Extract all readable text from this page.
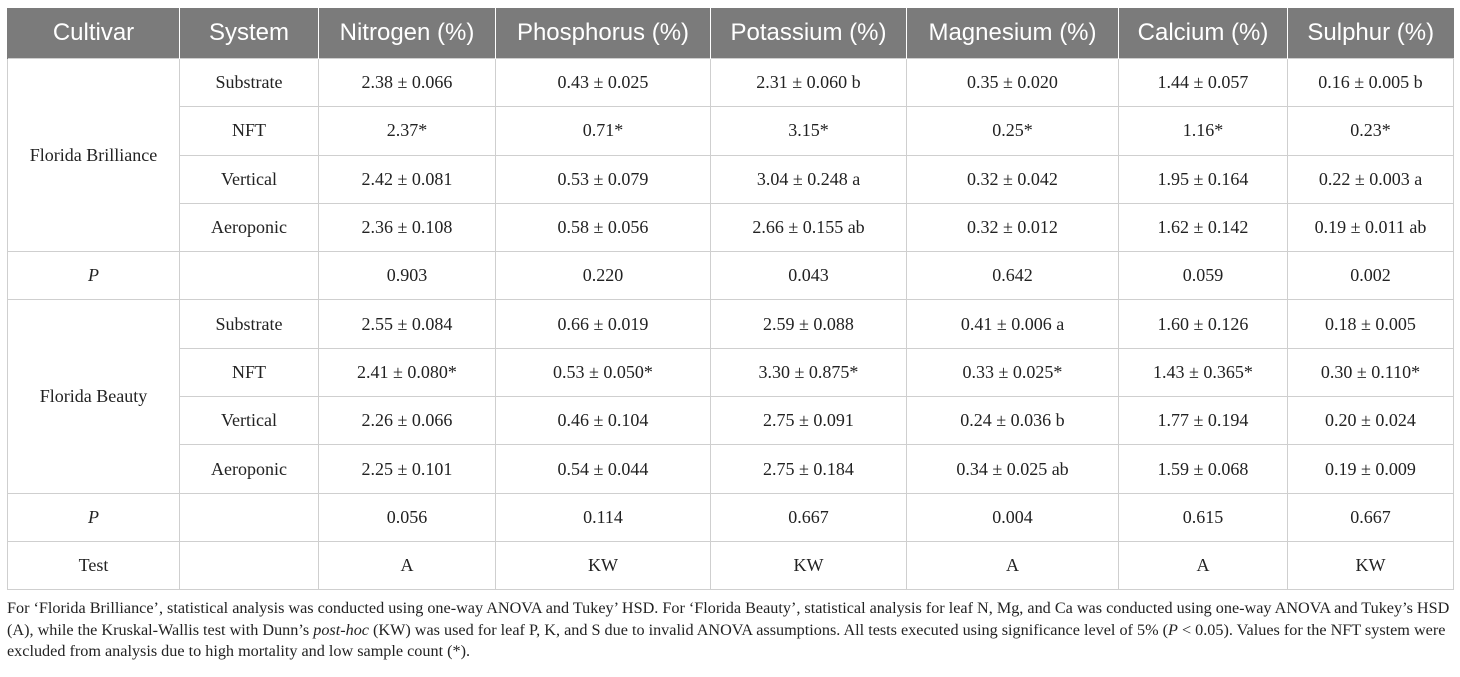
Cultivar	System	Nitrogen (%)	Phosphorus (%)	Potassium (%)	Magnesium (%)	Calcium (%)	Sulphur (%)
Florida Brilliance	Substrate	2.38 ± 0.066	0.43 ± 0.025	2.31 ± 0.060 b	0.35 ± 0.020	1.44 ± 0.057	0.16 ± 0.005 b
	NFT	2.37*	0.71*	3.15*	0.25*	1.16*	0.23*
	Vertical	2.42 ± 0.081	0.53 ± 0.079	3.04 ± 0.248 a	0.32 ± 0.042	1.95 ± 0.164	0.22 ± 0.003 a
	Aeroponic	2.36 ± 0.108	0.58 ± 0.056	2.66 ± 0.155 ab	0.32 ± 0.012	1.62 ± 0.142	0.19 ± 0.011 ab
P		0.903	0.220	0.043	0.642	0.059	0.002
Florida Beauty	Substrate	2.55 ± 0.084	0.66 ± 0.019	2.59 ± 0.088	0.41 ± 0.006 a	1.60 ± 0.126	0.18 ± 0.005
	NFT	2.41 ± 0.080*	0.53 ± 0.050*	3.30 ± 0.875*	0.33 ± 0.025*	1.43 ± 0.365*	0.30 ± 0.110*
	Vertical	2.26 ± 0.066	0.46 ± 0.104	2.75 ± 0.091	0.24 ± 0.036 b	1.77 ± 0.194	0.20 ± 0.024
	Aeroponic	2.25 ± 0.101	0.54 ± 0.044	2.75 ± 0.184	0.34 ± 0.025 ab	1.59 ± 0.068	0.19 ± 0.009
P		0.056	0.114	0.667	0.004	0.615	0.667
Test		A	KW	KW	A	A	KW
For ‘Florida Brilliance’, statistical analysis was conducted using one-way ANOVA and Tukey’ HSD. For ‘Florida Beauty’, statistical analysis for leaf N, Mg, and Ca was conducted using one-way ANOVA and Tukey’s HSD (A), while the Kruskal-Wallis test with Dunn’s post-hoc (KW) was used for leaf P, K, and S due to invalid ANOVA assumptions. All tests executed using significance level of 5% (P < 0.05). Values for the NFT system were excluded from analysis due to high mortality and low sample count (*).
